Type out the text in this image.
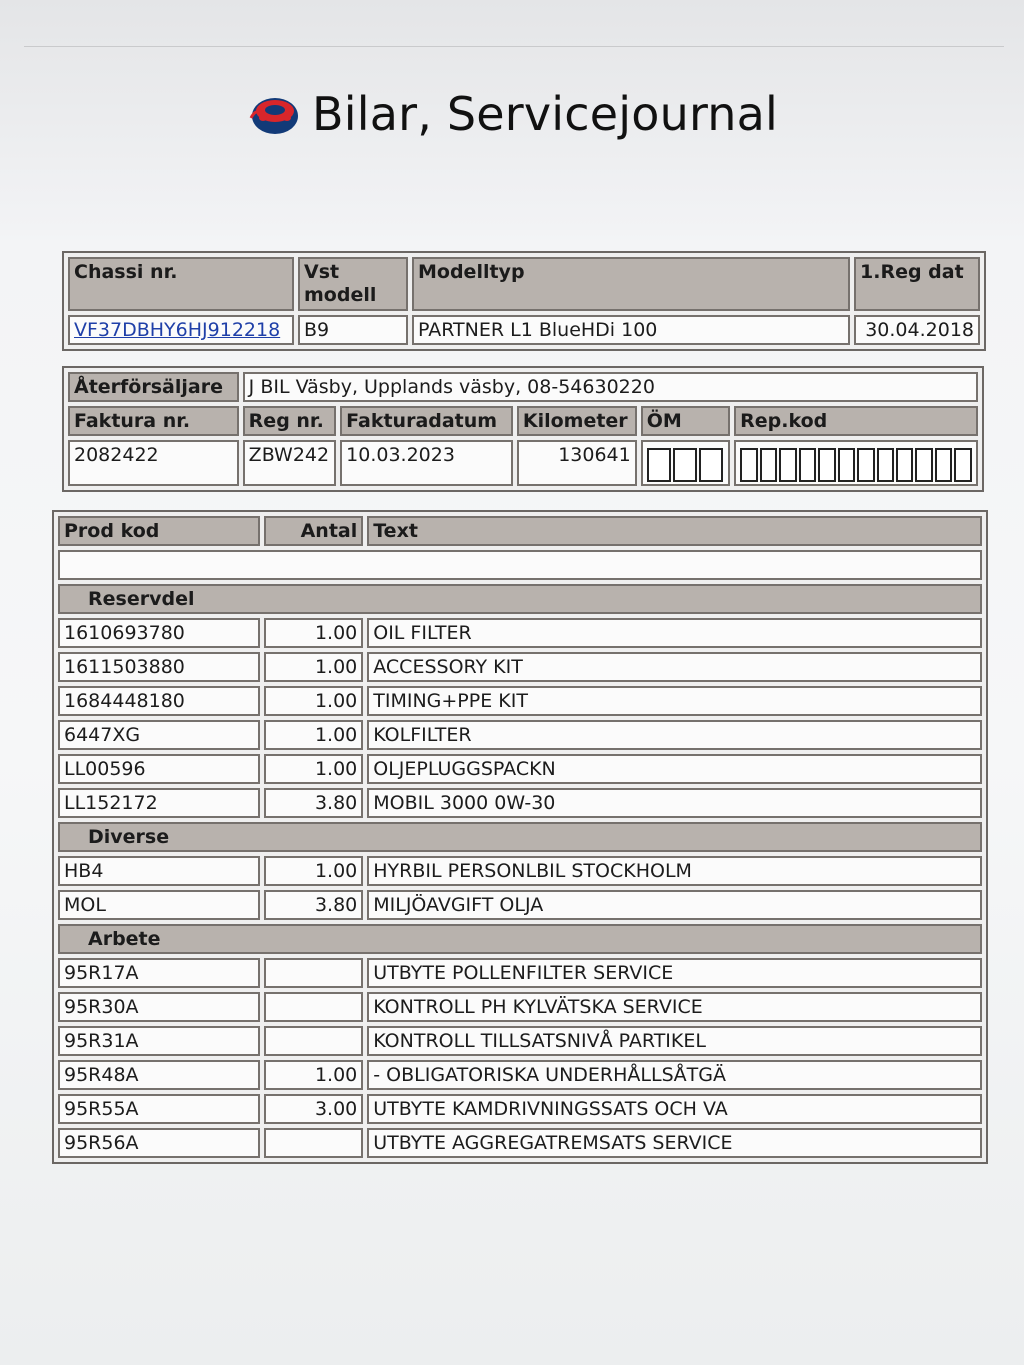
Bilar, Servicejournal
Chassi nr.	Vst modell	Modelltyp	1.Reg dat
VF37DBHY6HJ912218	B9	PARTNER L1 BlueHDi 100	30.04.2018
Återförsäljare	J BIL Väsby, Upplands väsby, 08-54630220				
Faktura nr.	Reg nr.	Fakturadatum	Kilometer	ÖM	Rep.kod
2082422	ZBW242	10.03.2023	130641	

Prod kod	Antal	Text

Reservdel		
1610693780	1.00	OIL FILTER
1611503880	1.00	ACCESSORY KIT
1684448180	1.00	TIMING+PPE KIT
6447XG	1.00	KOLFILTER
LL00596	1.00	OLJEPLUGGSPACKN
LL152172	3.80	MOBIL 3000 0W-30
Diverse		
HB4	1.00	HYRBIL PERSONLBIL STOCKHOLM
MOL	3.80	MILJÖAVGIFT OLJA
Arbete		
95R17A		UTBYTE POLLENFILTER SERVICE
95R30A		KONTROLL PH KYLVÄTSKA SERVICE
95R31A		KONTROLL TILLSATSNIVÅ PARTIKEL
95R48A	1.00	- OBLIGATORISKA UNDERHÅLLSÅTGÄ
95R55A	3.00	UTBYTE KAMDRIVNINGSSATS OCH VA
95R56A		UTBYTE AGGREGATREMSATS SERVICE
